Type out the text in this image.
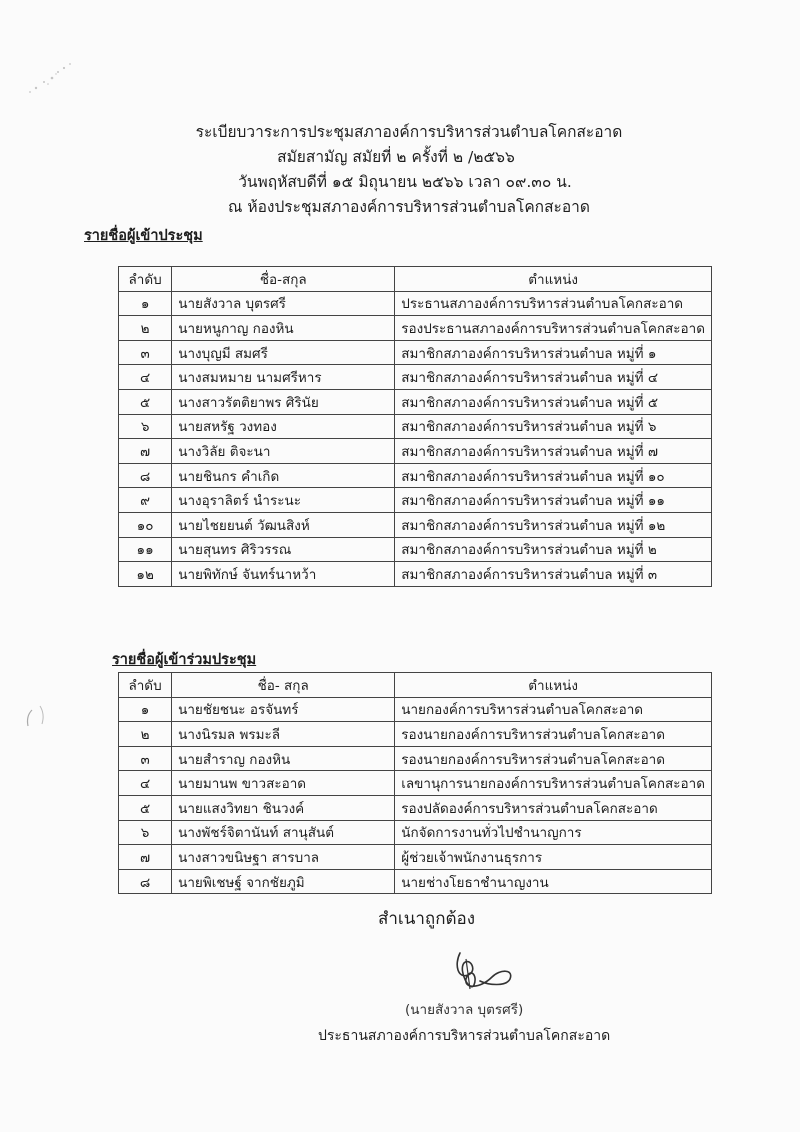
ระเบียบวาระการประชุมสภาองค์การบริหารส่วนตำบลโคกสะอาด
สมัยสามัญ สมัยที่ ๒ ครั้งที่ ๒ /๒๕๖๖
วันพฤหัสบดีที่ ๑๕ มิถุนายน ๒๕๖๖ เวลา ๐๙.๓๐ น.
ณ ห้องประชุมสภาองค์การบริหารส่วนตำบลโคกสะอาด
รายชื่อผู้เข้าประชุม
ลำดับ	ชื่อ-สกุล	ตำแหน่ง
๑	นายสังวาล บุตรศรี	ประธานสภาองค์การบริหารส่วนตำบลโคกสะอาด
๒	นายหนูกาญ กองหิน	รองประธานสภาองค์การบริหารส่วนตำบลโคกสะอาด
๓	นางบุญมี สมศรี	สมาชิกสภาองค์การบริหารส่วนตำบล หมู่ที่ ๑
๔	นางสมหมาย นามศรีหาร	สมาชิกสภาองค์การบริหารส่วนตำบล หมู่ที่ ๔
๕	นางสาวรัตติยาพร ศิรินัย	สมาชิกสภาองค์การบริหารส่วนตำบล หมู่ที่ ๕
๖	นายสหรัฐ วงทอง	สมาชิกสภาองค์การบริหารส่วนตำบล หมู่ที่ ๖
๗	นางวิลัย ติจะนา	สมาชิกสภาองค์การบริหารส่วนตำบล หมู่ที่ ๗
๘	นายชินกร คำเกิด	สมาชิกสภาองค์การบริหารส่วนตำบล หมู่ที่ ๑๐
๙	นางอุราลิตร์ นำระนะ	สมาชิกสภาองค์การบริหารส่วนตำบล หมู่ที่ ๑๑
๑๐	นายไชยยนต์ วัฒนสิงห์	สมาชิกสภาองค์การบริหารส่วนตำบล หมู่ที่ ๑๒
๑๑	นายสุนทร ศิริวรรณ	สมาชิกสภาองค์การบริหารส่วนตำบล หมู่ที่ ๒
๑๒	นายพิทักษ์ จันทร์นาหว้า	สมาชิกสภาองค์การบริหารส่วนตำบล หมู่ที่ ๓
รายชื่อผู้เข้าร่วมประชุม
ลำดับ	ชื่อ- สกุล	ตำแหน่ง
๑	นายชัยชนะ อรจันทร์	นายกองค์การบริหารส่วนตำบลโคกสะอาด
๒	นางนิรมล พรมะลี	รองนายกองค์การบริหารส่วนตำบลโคกสะอาด
๓	นายสำราญ กองหิน	รองนายกองค์การบริหารส่วนตำบลโคกสะอาด
๔	นายมานพ ขาวสะอาด	เลขานุการนายกองค์การบริหารส่วนตำบลโคกสะอาด
๕	นายแสงวิทยา ชินวงค์	รองปลัดองค์การบริหารส่วนตำบลโคกสะอาด
๖	นางพัชร์จิตานันท์ สานุสันต์	นักจัดการงานทั่วไปชำนาญการ
๗	นางสาวขนิษฐา สารบาล	ผู้ช่วยเจ้าพนักงานธุรการ
๘	นายพิเชษฐ์ จากชัยภูมิ	นายช่างโยธาชำนาญงาน
สำเนาถูกต้อง
(นายสังวาล บุตรศรี)
ประธานสภาองค์การบริหารส่วนตำบลโคกสะอาด
